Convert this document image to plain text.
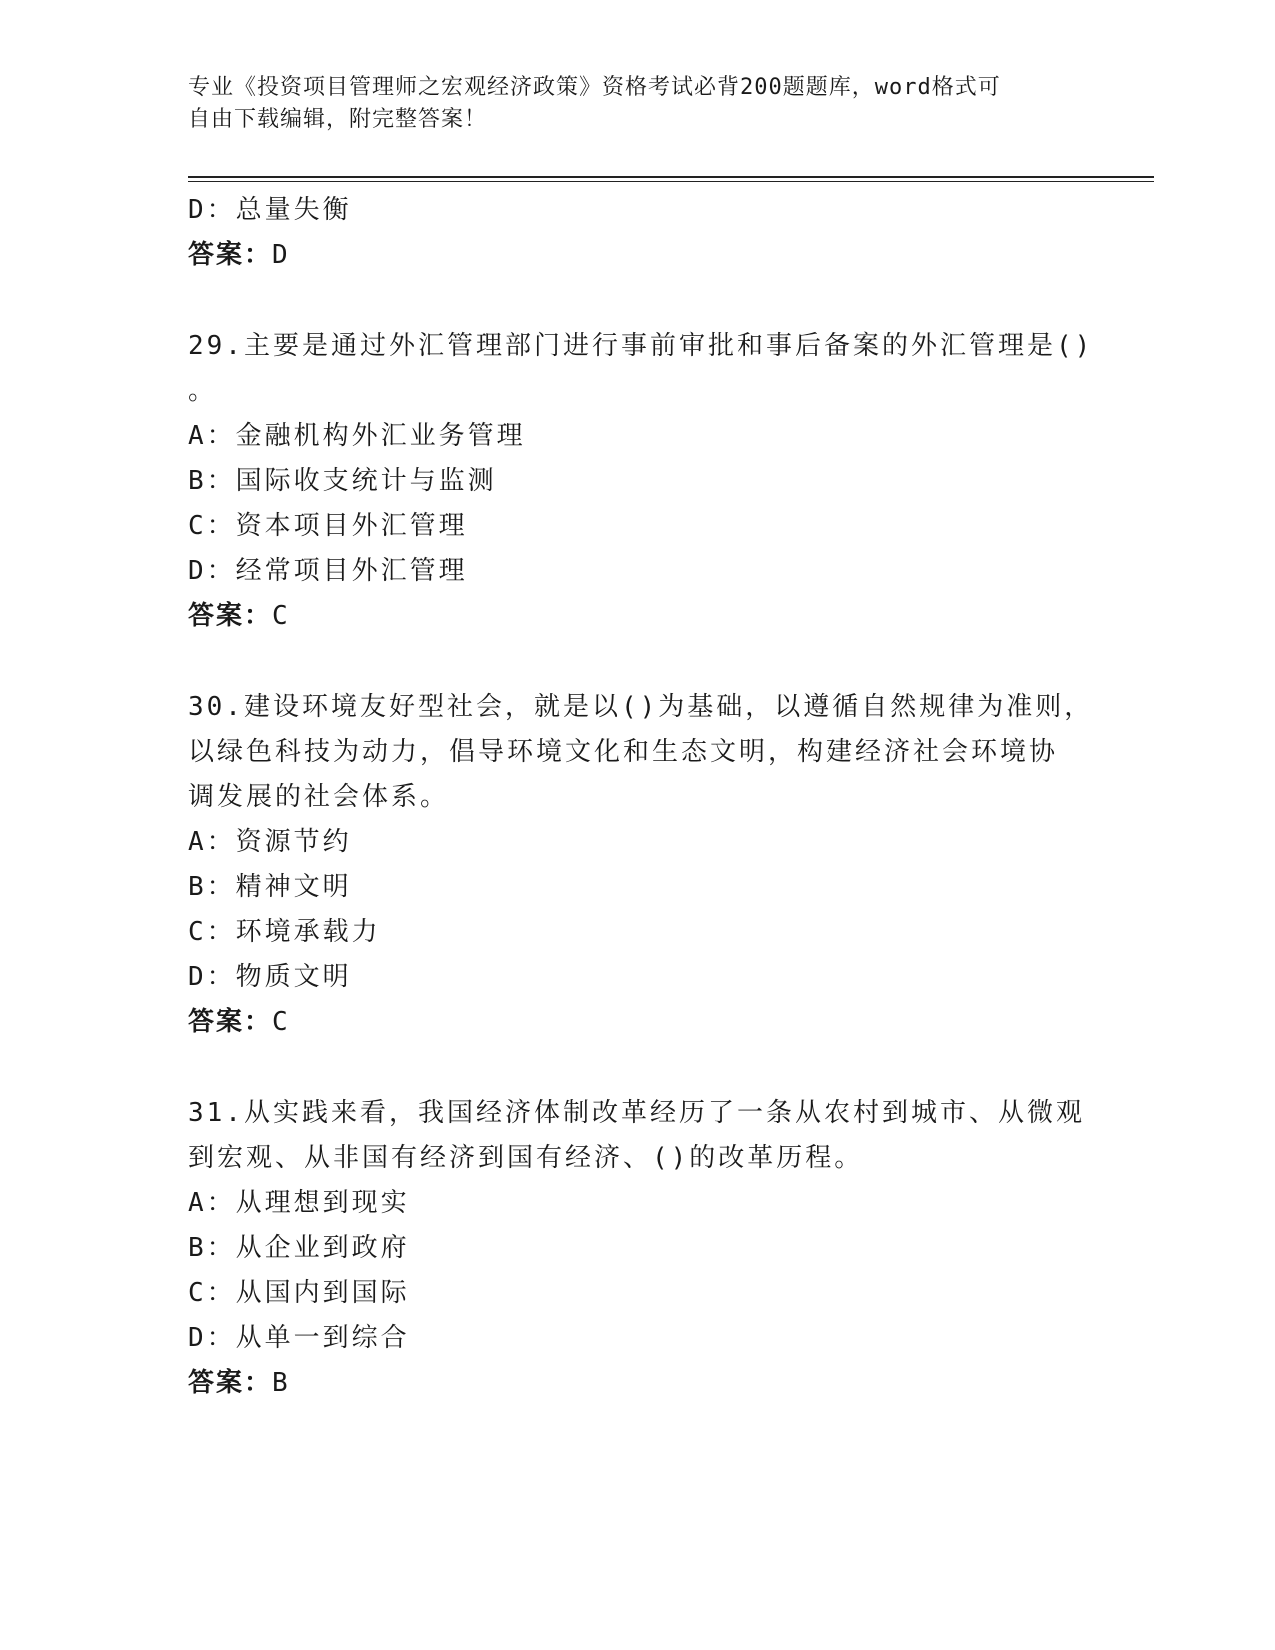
专业《投资项目管理师之宏观经济政策》资格考试必背200题题库，word格式可
自由下载编辑，附完整答案！
D：总量失衡
答案：D
29.主要是通过外汇管理部门进行事前审批和事后备案的外汇管理是()
。
A：金融机构外汇业务管理
B：国际收支统计与监测
C：资本项目外汇管理
D：经常项目外汇管理
答案：C
30.建设环境友好型社会，就是以()为基础，以遵循自然规律为准则，
以绿色科技为动力，倡导环境文化和生态文明，构建经济社会环境协
调发展的社会体系。
A：资源节约
B：精神文明
C：环境承载力
D：物质文明
答案：C
31.从实践来看，我国经济体制改革经历了一条从农村到城市、从微观
到宏观、从非国有经济到国有经济、()的改革历程。
A：从理想到现实
B：从企业到政府
C：从国内到国际
D：从单一到综合
答案：B
